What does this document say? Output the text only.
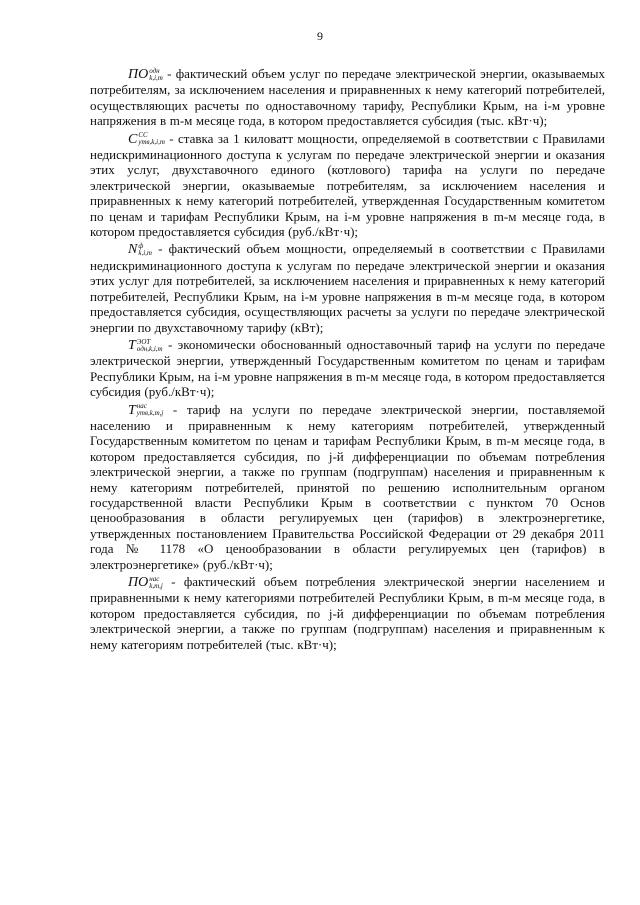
9
ПО одн
k,i,m - фактический объем услуг по передаче электрической энергии, оказываемых потребителям, за исключением населения и приравненных к нему категорий потребителей, осуществляющих расчеты по одноставочному тарифу, Республики Крым, на i-м уровне напряжения в m-м месяце года, в котором предоставляется субсидия (тыс. кВт·ч);
С СС
утв,k,i,m - ставка за 1 киловатт мощности, определяемой в соответствии с Правилами недискриминационного доступа к услугам по передаче электрической энергии и оказания этих услуг, двухставочного единого (котлового) тарифа на услуги по передаче электрической энергии, оказываемые потребителям, за исключением населения и приравненных к нему категорий потребителей, утвержденная Государственным комитетом по ценам и тарифам Республики Крым, на i-м уровне напряжения в m-м месяце года, в котором предоставляется субсидия (руб./кВт·ч);
N ф
k,i,m - фактический объем мощности, определяемый в соответствии с Правилами недискриминационного доступа к услугам по передаче электрической энергии и оказания этих услуг для потребителей, за исключением населения и приравненных к нему категорий потребителей, Республики Крым, на i-м уровне напряжения в m-м месяце года, в котором предоставляется субсидия, осуществляющих расчеты за услуги по передаче электрической энергии по двухставочному тарифу (кВт);
Т ЭОТ
одн,k,i,m - экономически обоснованный одноставочный тариф на услуги по передаче электрической энергии, утвержденный Государственным комитетом по ценам и тарифам Республики Крым, на i-м уровне напряжения в m-м месяце года, в котором предоставляется субсидия (руб./кВт·ч);
Т нас
утв,k,m,j - тариф на услуги по передаче электрической энергии, поставляемой населению и приравненным к нему категориям потребителей, утвержденный Государственным комитетом по ценам и тарифам Республики Крым, в m-м месяце года, в котором предоставляется субсидия, по j-й дифференциации по объемам потребления электрической энергии, а также по группам (подгруппам) населения и приравненным к нему категориям потребителей, принятой по решению исполнительным органом государственной власти Республики Крым в соответствии с пунктом 70 Основ ценообразования в области регулируемых цен (тарифов) в электроэнергетике, утвержденных постановлением Правительства Российской Федерации от 29 декабря 2011 года № 1178 «О ценообразовании в области регулируемых цен (тарифов) в электроэнергетике» (руб./кВт·ч);
ПО нас
k,m,j - фактический объем потребления электрической энергии населением и приравненными к нему категориями потребителей Республики Крым, в m-м месяце года, в котором предоставляется субсидия, по j-й дифференциации по объемам потребления электрической энергии, а также по группам (подгруппам) населения и приравненным к нему категориям потребителей (тыс. кВт·ч);
